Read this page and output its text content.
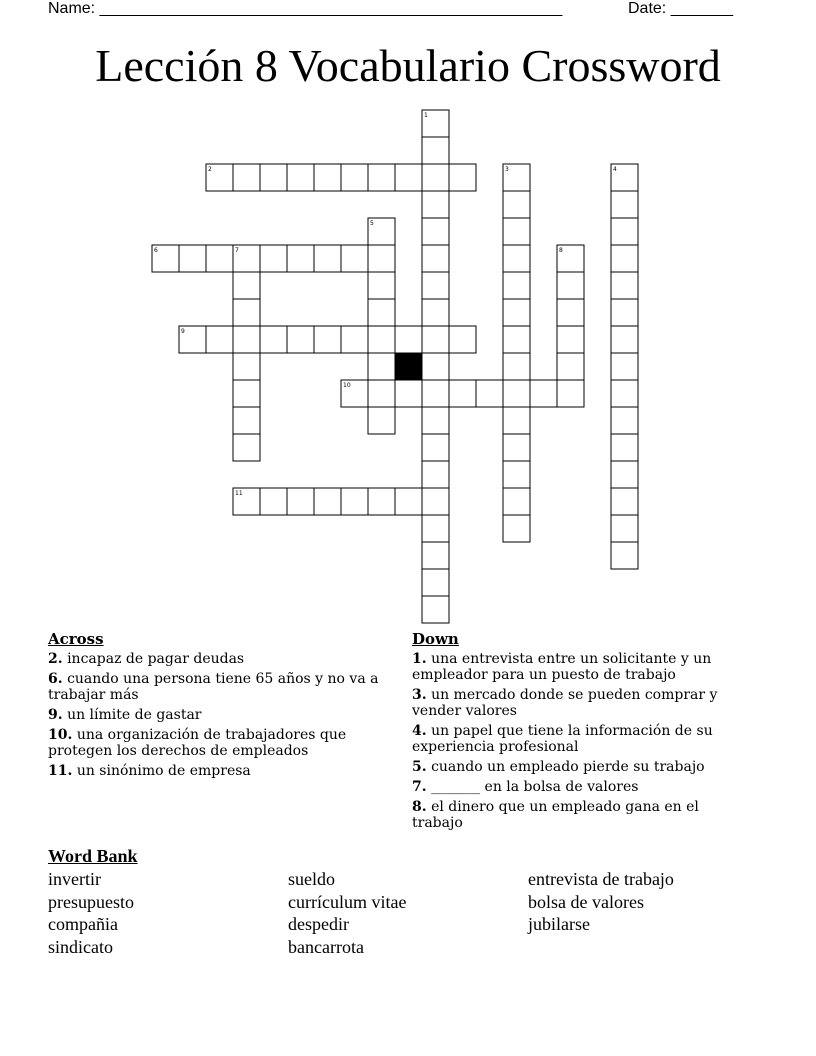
Name: ____________________________________________________	Date: _______
Lección 8 Vocabulario Crossword
1
2	3	4
5
6	7	8
9
10
11
Across
2. incapaz de pagar deudas
6. cuando una persona tiene 65 años y no va a trabajar más
9. un límite de gastar
10. una organización de trabajadores que protegen los derechos de empleados
11. un sinónimo de empresa
Down
1. una entrevista entre un solicitante y un empleador para un puesto de trabajo
3. un mercado donde se pueden comprar y vender valores
4. un papel que tiene la información de su experiencia profesional
5. cuando un empleado pierde su trabajo
7. _______ en la bolsa de valores
8. el dinero que un empleado gana en el trabajo
Word Bank
invertir
presupuesto
compañia
sindicato
sueldo
currículum vitae
despedir
bancarrota
entrevista de trabajo
bolsa de valores
jubilarse
